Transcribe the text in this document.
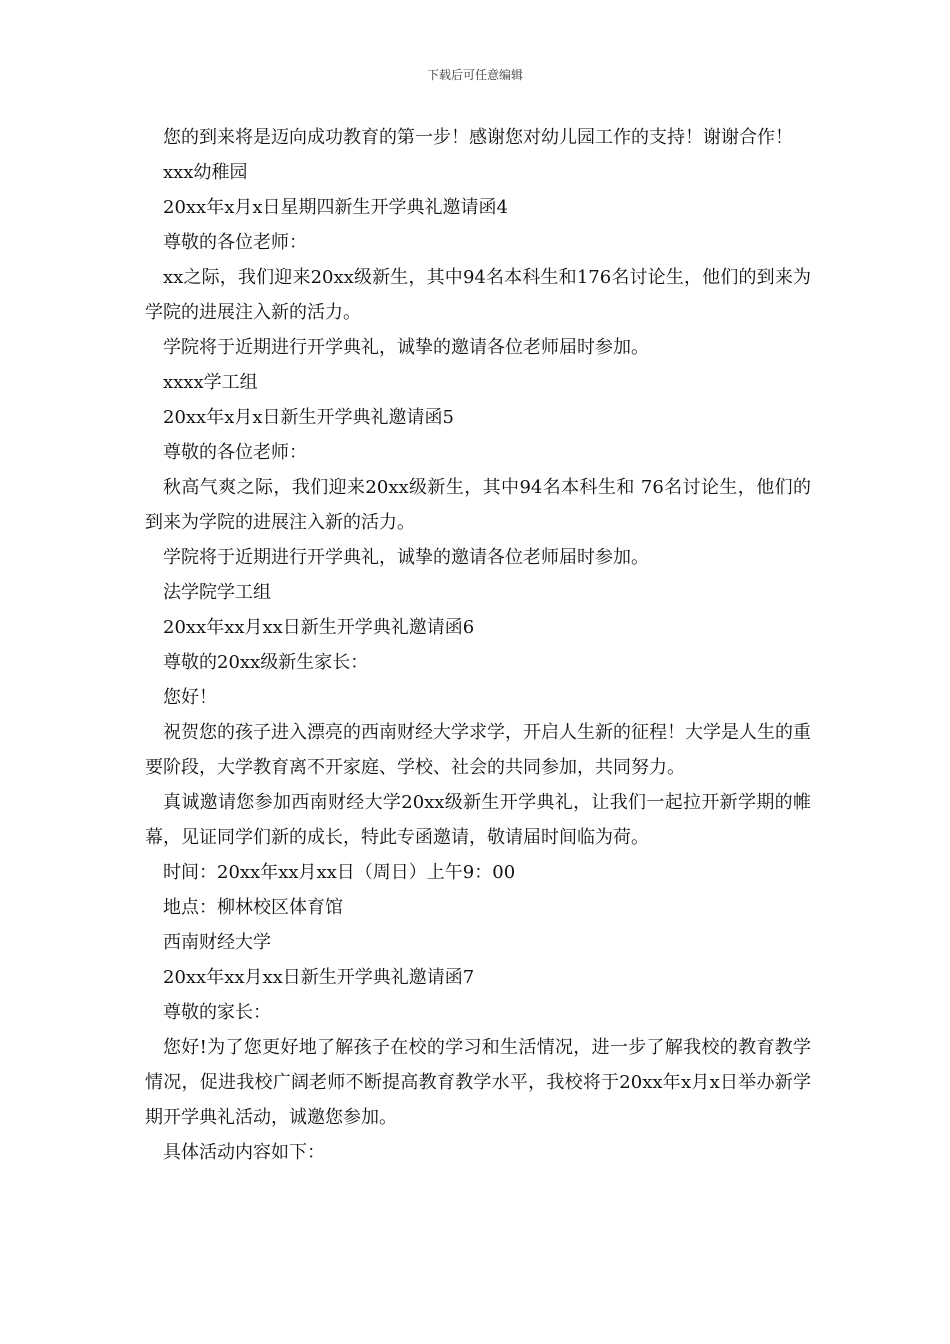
下载后可任意编辑

您的到来将是迈向成功教育的第一步！感谢您对幼儿园工作的支持！谢谢合作！

xxx幼稚园

20xx年x月x日星期四新生开学典礼邀请函4

尊敬的各位老师：

xx之际，我们迎来20xx级新生，其中94名本科生和176名讨论生，他们的到来为学院的进展注入新的活力。

学院将于近期进行开学典礼，诚挚的邀请各位老师届时参加。

xxxx学工组

20xx年x月x日新生开学典礼邀请函5

尊敬的各位老师：

秋高气爽之际，我们迎来20xx级新生，其中94名本科生和 76名讨论生，他们的到来为学院的进展注入新的活力。

学院将于近期进行开学典礼，诚挚的邀请各位老师届时参加。

法学院学工组

20xx年xx月xx日新生开学典礼邀请函6

尊敬的20xx级新生家长：

您好！

祝贺您的孩子进入漂亮的西南财经大学求学，开启人生新的征程！大学是人生的重要阶段，大学教育离不开家庭、学校、社会的共同参加，共同努力。

真诚邀请您参加西南财经大学20xx级新生开学典礼，让我们一起拉开新学期的帷幕，见证同学们新的成长，特此专函邀请，敬请届时间临为荷。

时间：20xx年xx月xx日（周日）上午9：00

地点：柳林校区体育馆

西南财经大学

20xx年xx月xx日新生开学典礼邀请函7

尊敬的家长：

您好!为了您更好地了解孩子在校的学习和生活情况，进一步了解我校的教育教学情况，促进我校广阔老师不断提高教育教学水平，我校将于20xx年x月x日举办新学期开学典礼活动，诚邀您参加。

具体活动内容如下：
